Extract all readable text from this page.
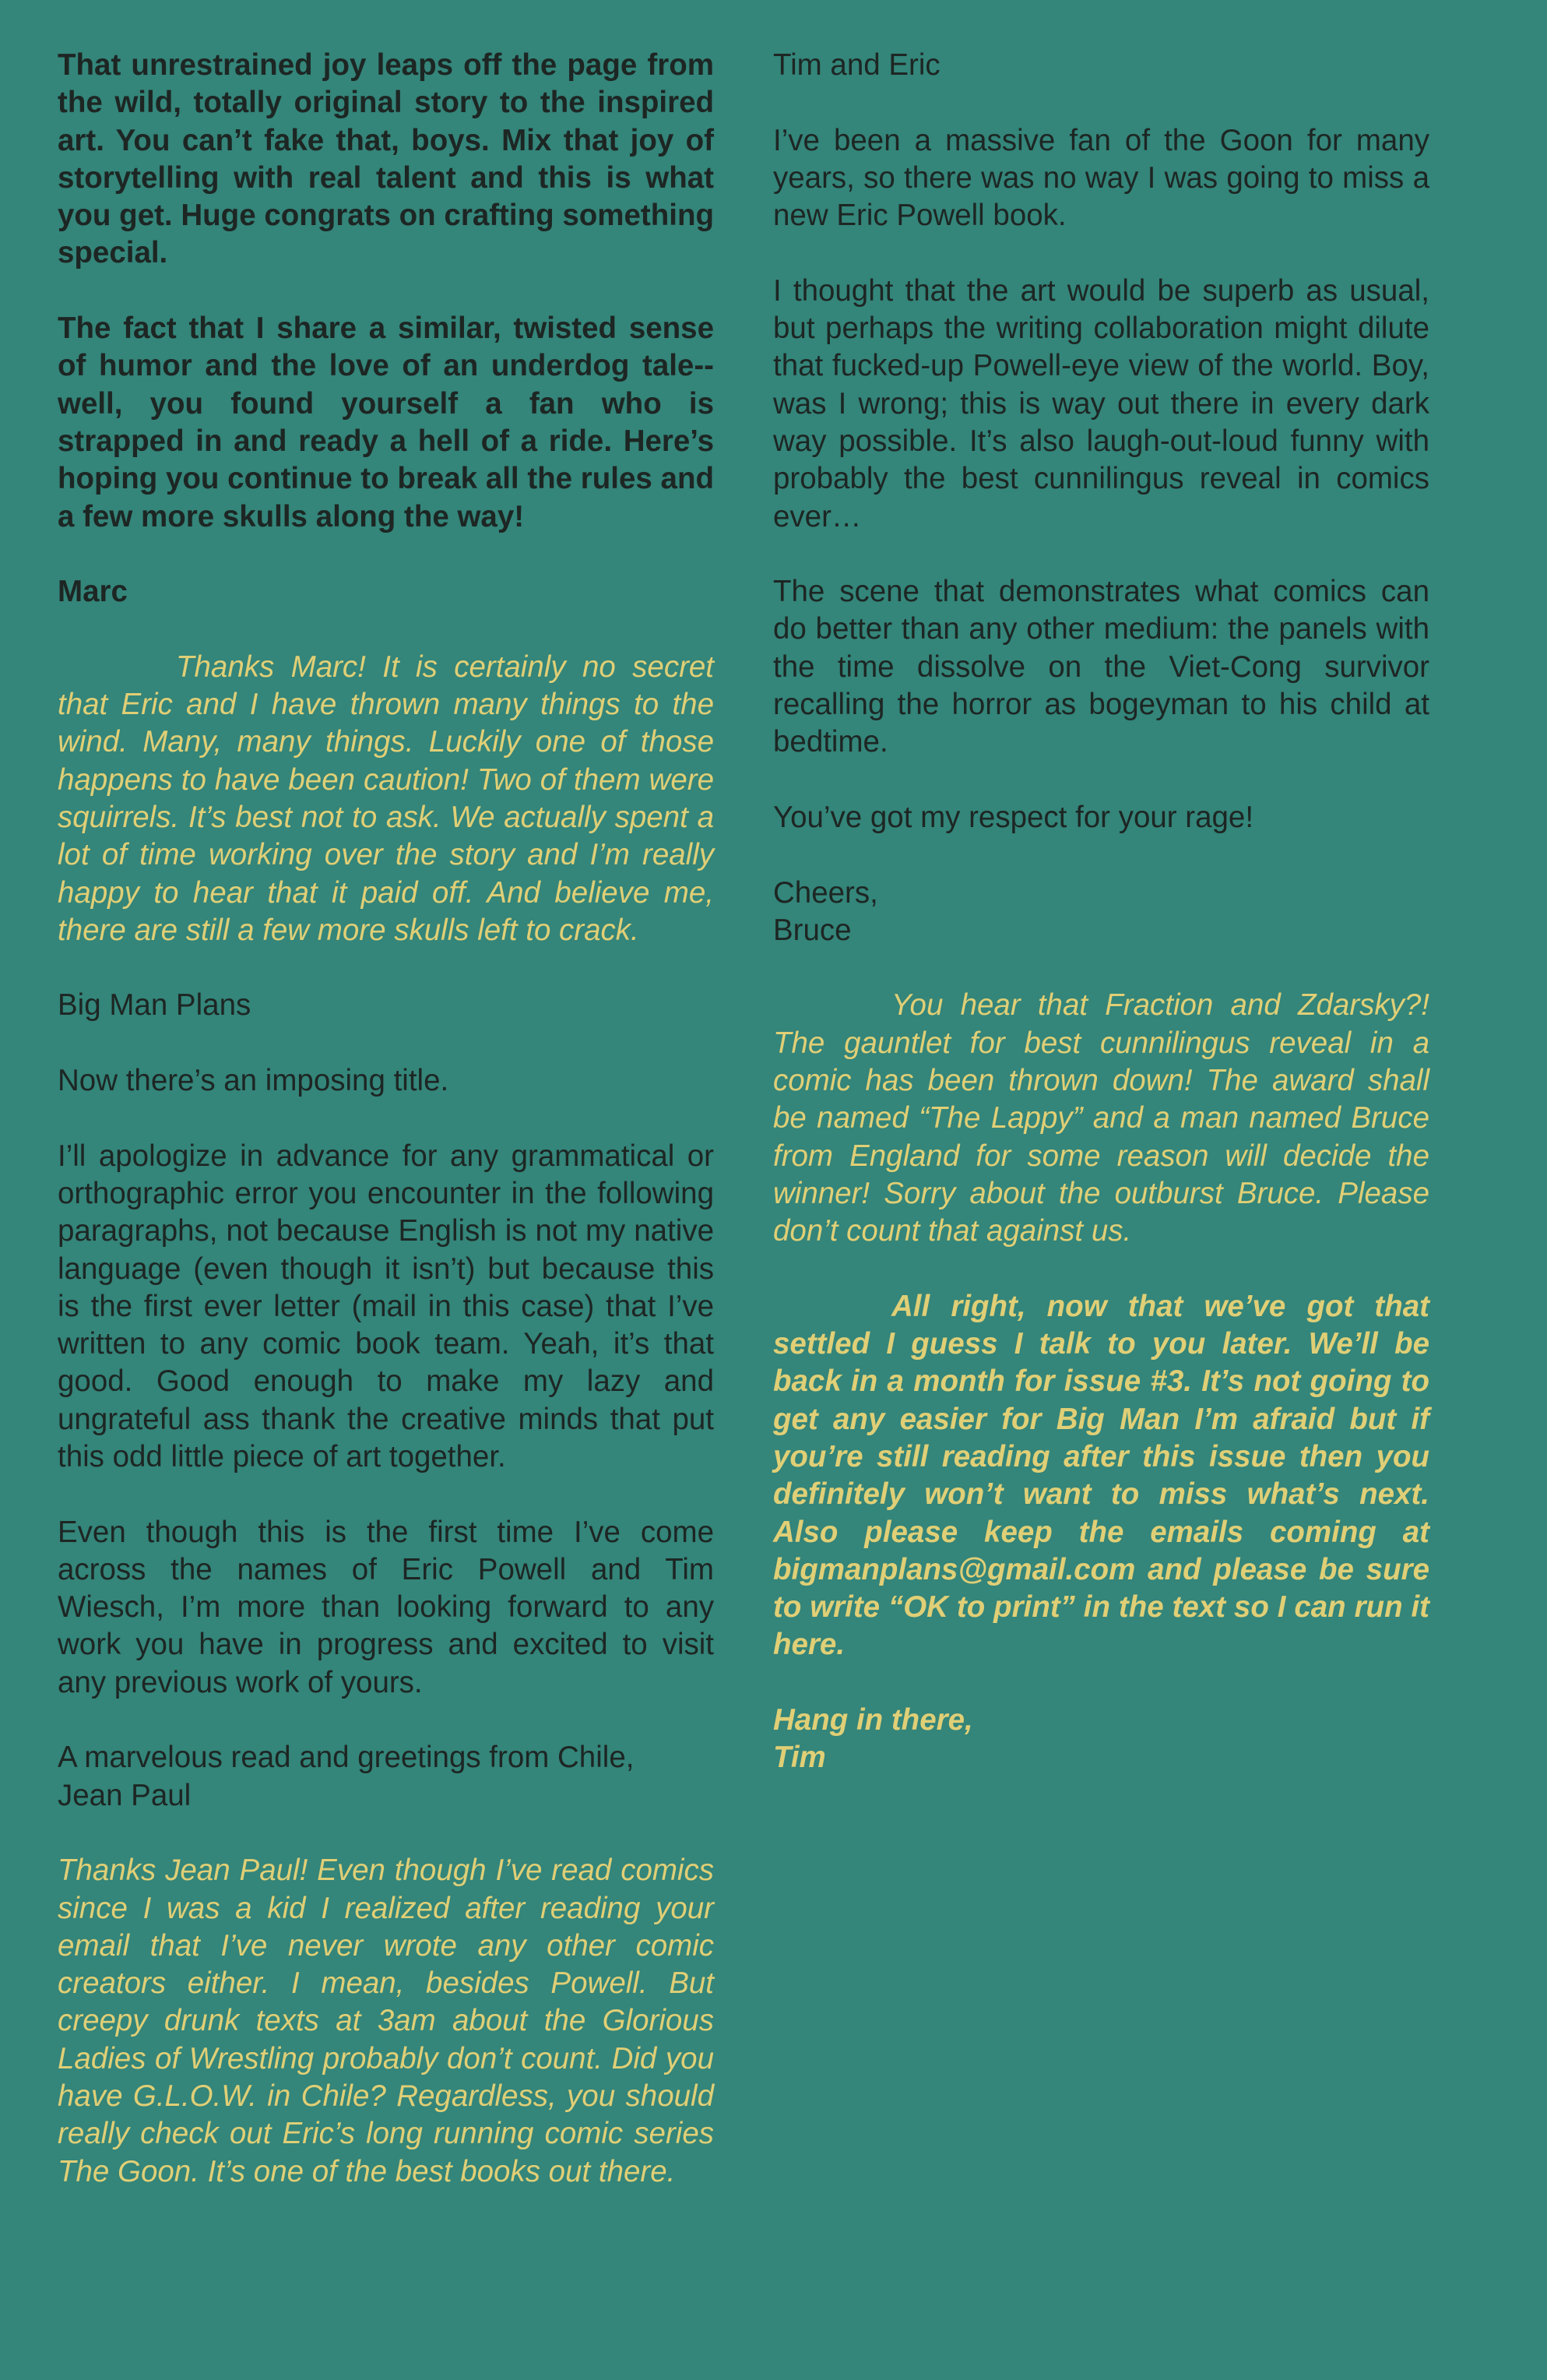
That unrestrained joy leaps off the page from the wild, totally original story to the inspired art. You can’t fake that, boys. Mix that joy of storytelling with real talent and this is what you get. Huge congrats on crafting something special.

The fact that I share a similar, twisted sense of humor and the love of an underdog tale--well, you found yourself a fan who is strapped in and ready a hell of a ride. Here’s hoping you continue to break all the rules and a few more skulls along the way!

Marc

Thanks Marc! It is certainly no secret that Eric and I have thrown many things to the wind. Many, many things. Luckily one of those happens to have been caution! Two of them were squirrels. It’s best not to ask. We actually spent a lot of time working over the story and I’m really happy to hear that it paid off. And believe me, there are still a few more skulls left to crack.

Big Man Plans

Now there’s an imposing title.

I’ll apologize in advance for any grammatical or orthographic error you encounter in the following paragraphs, not because English is not my native language (even though it isn’t) but because this is the first ever letter (mail in this case) that I’ve written to any comic book team. Yeah, it’s that good. Good enough to make my lazy and ungrateful ass thank the creative minds that put this odd little piece of art together.

Even though this is the first time I’ve come across the names of Eric Powell and Tim Wiesch, I’m more than looking forward to any work you have in progress and excited to visit any previous work of yours.

A marvelous read and greetings from Chile,
Jean Paul

Thanks Jean Paul! Even though I’ve read comics since I was a kid I realized after reading your email that I’ve never wrote any other comic creators either. I mean, besides Powell. But creepy drunk texts at 3am about the Glorious Ladies of Wrestling probably don’t count. Did you have G.L.O.W. in Chile? Regardless, you should really check out Eric’s long running comic series The Goon. It’s one of the best books out there.

Tim and Eric

I’ve been a massive fan of the Goon for many years, so there was no way I was going to miss a new Eric Powell book.

I thought that the art would be superb as usual, but perhaps the writing collaboration might dilute that fucked-up Powell-eye view of the world. Boy, was I wrong; this is way out there in every dark way possible. It’s also laugh-out-loud funny with probably the best cunnilingus reveal in comics ever…

The scene that demonstrates what comics can do better than any other medium: the panels with the time dissolve on the Viet-Cong survivor recalling the horror as bogeyman to his child at bedtime.

You’ve got my respect for your rage!

Cheers,
Bruce

You hear that Fraction and Zdarsky?! The gauntlet for best cunnilingus reveal in a comic has been thrown down! The award shall be named “The Lappy” and a man named Bruce from England for some reason will decide the winner! Sorry about the outburst Bruce. Please don’t count that against us.

All right, now that we’ve got that settled I guess I talk to you later. We’ll be back in a month for issue #3. It’s not going to get any easier for Big Man I’m afraid but if you’re still reading after this issue then you definitely won’t want to miss what’s next. Also please keep the emails coming at bigmanplans@gmail.com and please be sure to write “OK to print” in the text so I can run it here.

Hang in there,
Tim
